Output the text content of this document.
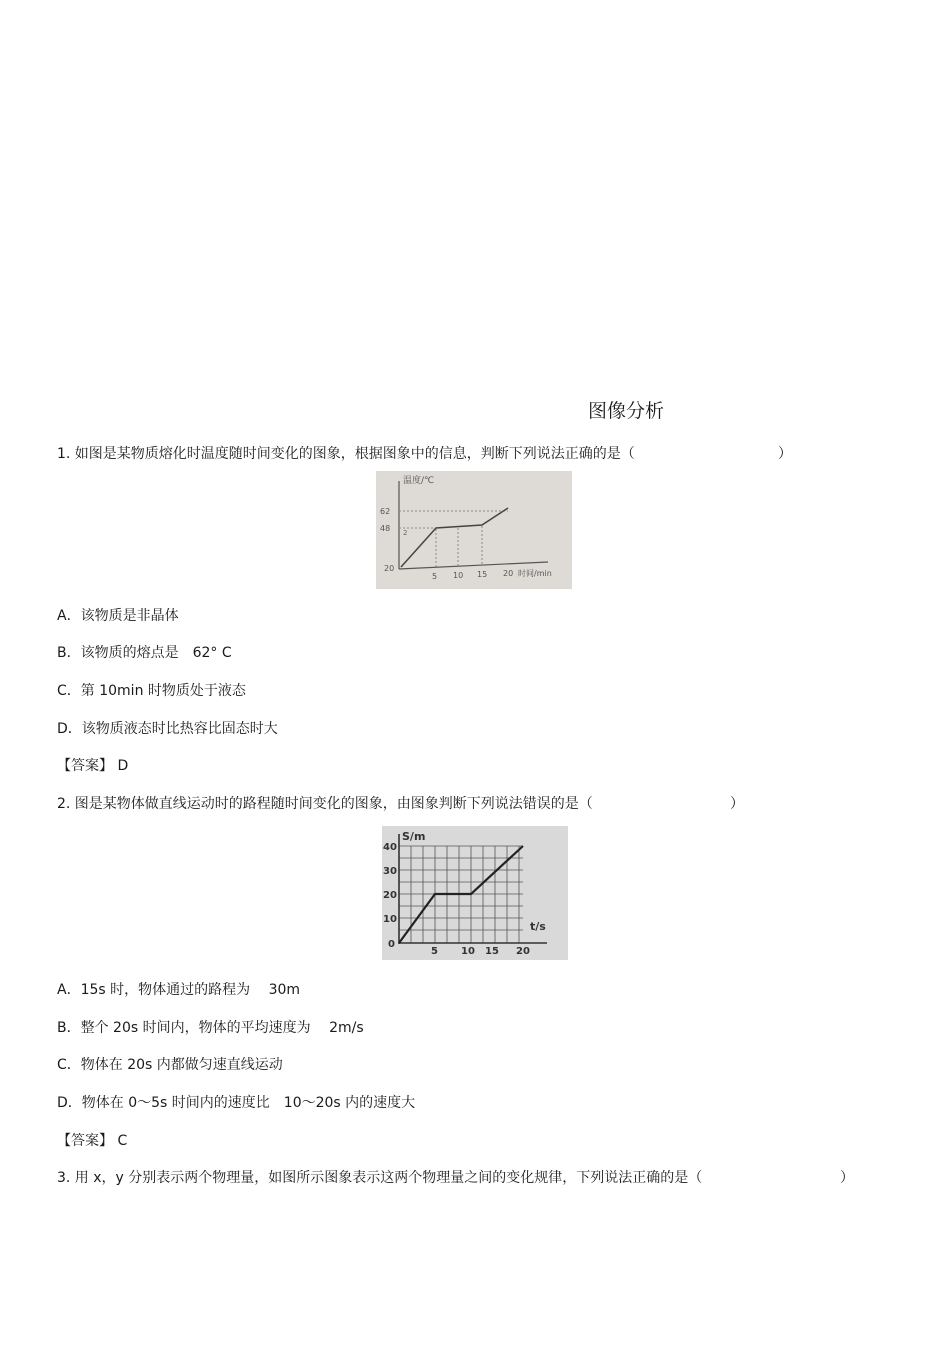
图像分析
1. 如图是某物质熔化时温度随时间变化的图象，根据图象中的信息，判断下列说法正确的是（	）
温度/℃
62
48 2
20
5 10 15 20 时间/min
A．该物质是非晶体
B．该物质的熔点是　62° C
C．第 10min 时物质处于液态
D．该物质液态时比热容比固态时大
【答案】 D
2. 图是某物体做直线运动时的路程随时间变化的图象，由图象判断下列说法错误的是（	）
S/m
40
30
20
10
0
5 10 15 20
t/s
A．15s 时，物体通过的路程为　 30m
B．整个 20s 时间内，物体的平均速度为　 2m/s
C．物体在 20s 内都做匀速直线运动
D．物体在 0～5s 时间内的速度比　10～20s 内的速度大
【答案】 C
3. 用 x，y 分别表示两个物理量，如图所示图象表示这两个物理量之间的变化规律，下列说法正确的是（	）
